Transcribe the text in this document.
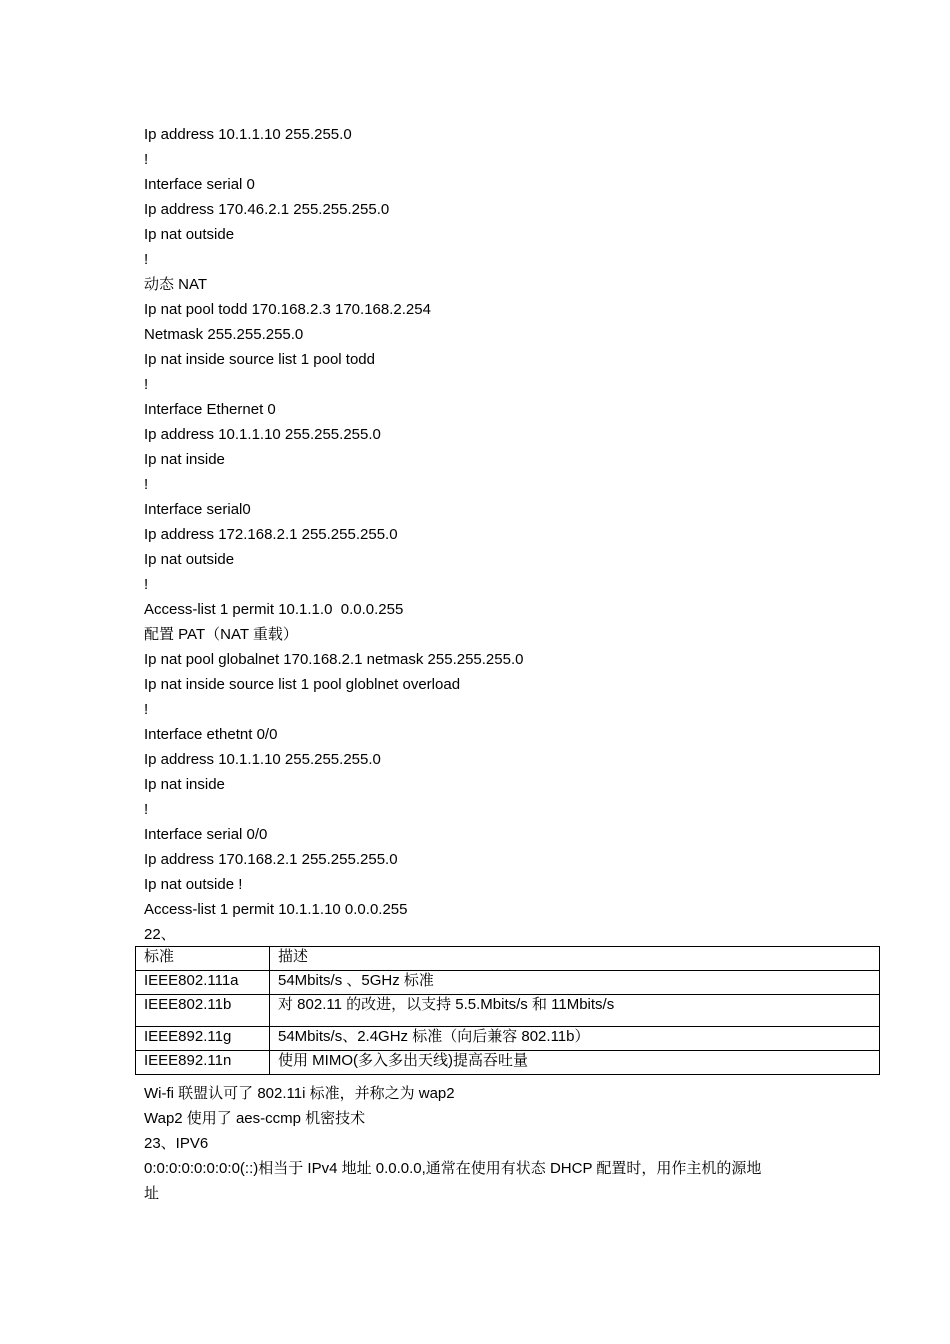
Ip address 10.1.1.10 255.255.0
!
Interface serial 0
Ip address 170.46.2.1 255.255.255.0
Ip nat outside
!
动态 NAT
Ip nat pool todd 170.168.2.3 170.168.2.254
Netmask 255.255.255.0
Ip nat inside source list 1 pool todd
!
Interface Ethernet 0
Ip address 10.1.1.10 255.255.255.0
Ip nat inside
!
Interface serial0
Ip address 172.168.2.1 255.255.255.0
Ip nat outside
!
Access-list 1 permit 10.1.1.0  0.0.0.255
配置 PAT（NAT 重载）
Ip nat pool globalnet 170.168.2.1 netmask 255.255.255.0
Ip nat inside source list 1 pool globlnet overload
!
Interface ethetnt 0/0
Ip address 10.1.1.10 255.255.255.0
Ip nat inside
!
Interface serial 0/0
Ip address 170.168.2.1 255.255.255.0
Ip nat outside !
Access-list 1 permit 10.1.1.10 0.0.0.255
22、
标准	描述
IEEE802.111a	54Mbits/s 、5GHz 标准
IEEE802.11b	对 802.11 的改进，以支持 5.5.Mbits/s 和 11Mbits/s
IEEE892.11g	54Mbits/s、2.4GHz 标准（向后兼容 802.11b）
IEEE892.11n	使用 MIMO(多入多出天线)提高吞吐量
Wi-fi 联盟认可了 802.11i 标准，并称之为 wap2
Wap2 使用了 aes-ccmp 机密技术
23、IPV6
0:0:0:0:0:0:0:0(::)相当于 IPv4 地址 0.0.0.0,通常在使用有状态 DHCP 配置时，用作主机的源地
址
